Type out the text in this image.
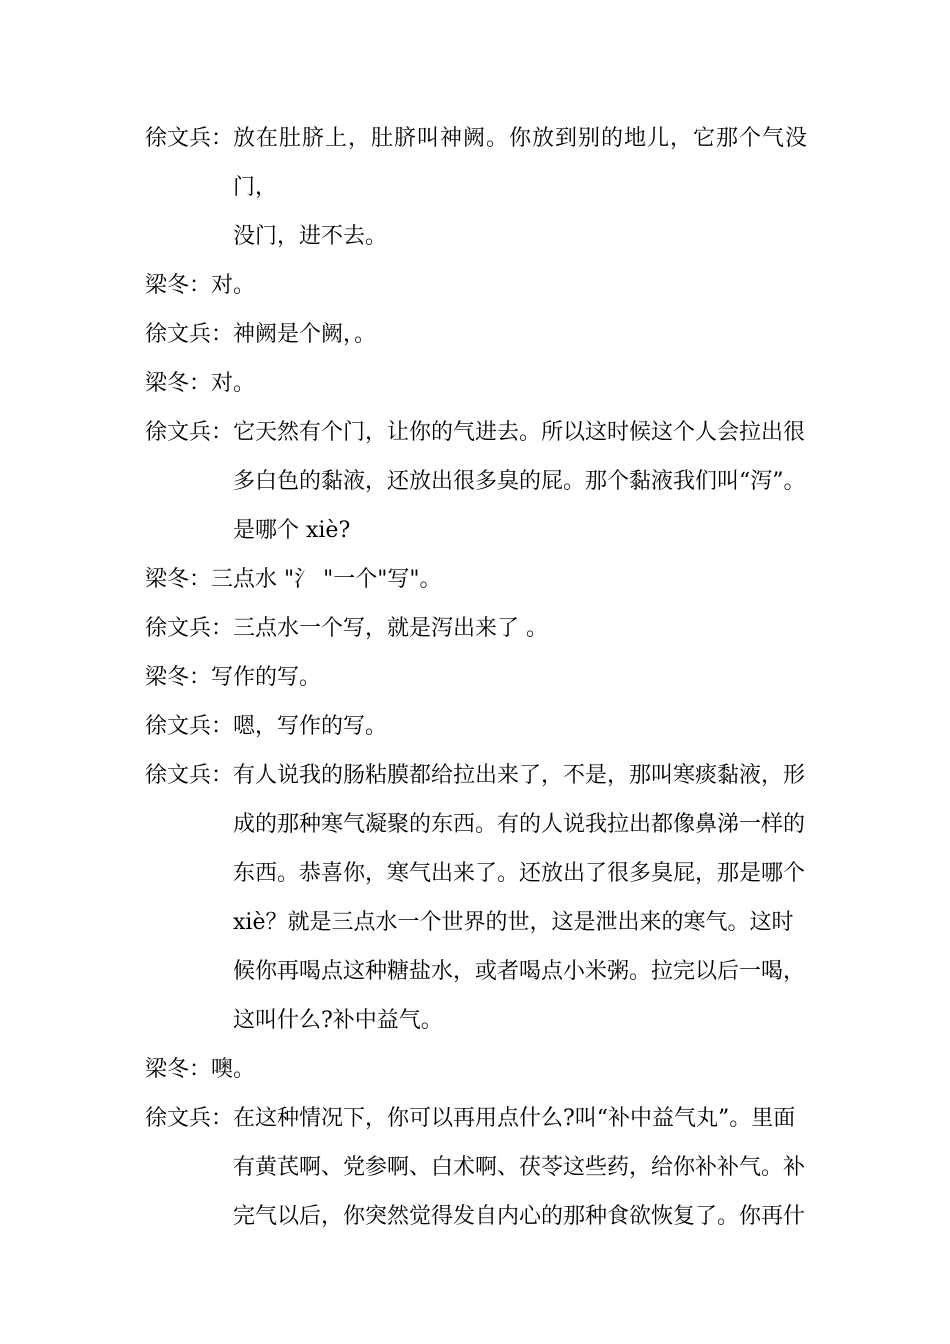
徐文兵： 放在肚脐上，肚脐叫神阙。你放到别的地儿，它那个气没门，
没门，进不去。
梁冬： 对。
徐文兵： 神阙是个阙，。
梁冬： 对。
徐文兵： 它天然有个门，让你的气进去。所以这时候这个人会拉出很
多白色的黏液，还放出很多臭的屁。那个黏液我们叫“泻”。
是哪个 xiè?
梁冬： 三点水 "氵 "一个"写"。
徐文兵： 三点水一个写，就是泻出来了 。
梁冬： 写作的写。
徐文兵： 嗯，写作的写。
徐文兵： 有人说我的肠粘膜都给拉出来了，不是，那叫寒痰黏液，形
成的那种寒气凝聚的东西。有的人说我拉出都像鼻涕一样的
东西。恭喜你，寒气出来了。还放出了很多臭屁，那是哪个
xiè？就是三点水一个世界的世，这是泄出来的寒气。这时
候你再喝点这种糖盐水，或者喝点小米粥。拉完以后一喝，
这叫什么?补中益气。
梁冬： 噢。
徐文兵： 在这种情况下，你可以再用点什么?叫“补中益气丸”。里面
有黄芪啊、党参啊、白术啊、茯苓这些药，给你补补气。补
完气以后，你突然觉得发自内心的那种食欲恢复了。你再什
